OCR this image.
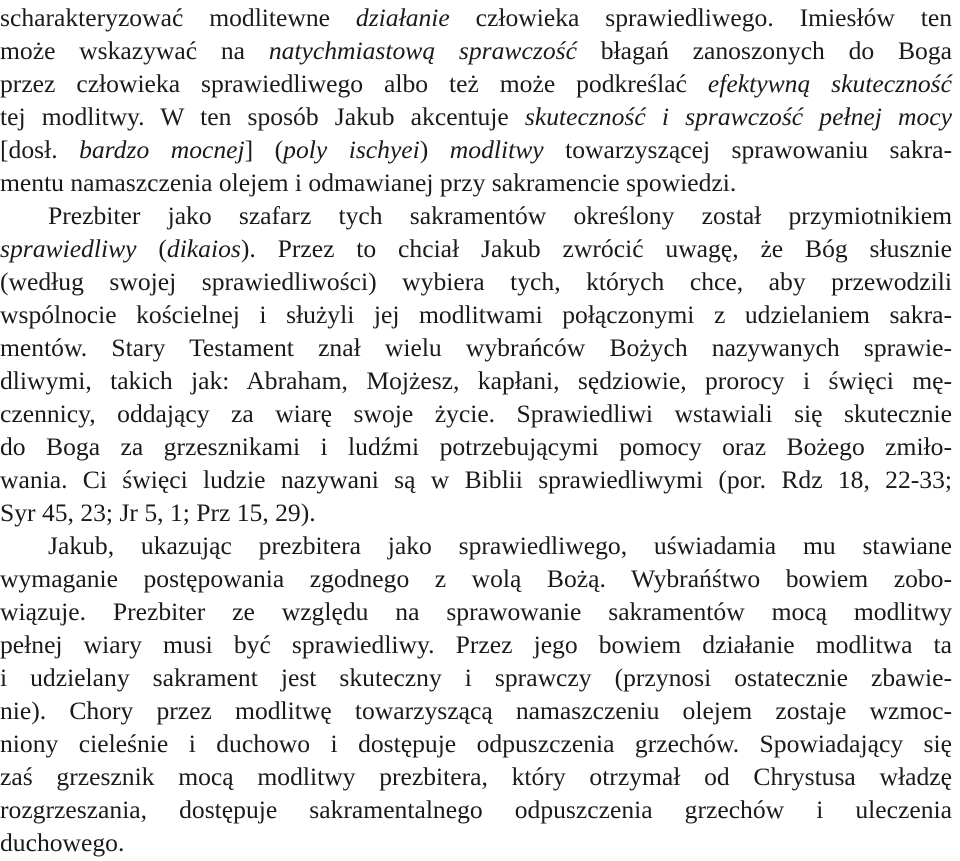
scharakteryzować modlitewne działanie człowieka sprawiedliwego. Imiesłów ten
może wskazywać na natychmiastową sprawczość błagań zanoszonych do Boga
przez człowieka sprawiedliwego albo też może podkreślać efektywną skuteczność
tej modlitwy. W ten sposób Jakub akcentuje skuteczność i sprawczość pełnej mocy
[dosł. bardzo mocnej] (poly ischyei) modlitwy towarzyszącej sprawowaniu sakra-
mentu namaszczenia olejem i odmawianej przy sakramencie spowiedzi.
Prezbiter jako szafarz tych sakramentów określony został przymiotnikiem
sprawiedliwy (dikaios). Przez to chciał Jakub zwrócić uwagę, że Bóg słusznie
(według swojej sprawiedliwości) wybiera tych, których chce, aby przewodzili
wspólnocie kościelnej i służyli jej modlitwami połączonymi z udzielaniem sakra-
mentów. Stary Testament znał wielu wybrańców Bożych nazywanych sprawie-
dliwymi, takich jak: Abraham, Mojżesz, kapłani, sędziowie, prorocy i święci mę-
czennicy, oddający za wiarę swoje życie. Sprawiedliwi wstawiali się skutecznie
do Boga za grzesznikami i ludźmi potrzebującymi pomocy oraz Bożego zmiło-
wania. Ci święci ludzie nazywani są w Biblii sprawiedliwymi (por. Rdz 18, 22-33;
Syr 45, 23; Jr 5, 1; Prz 15, 29).
Jakub, ukazując prezbitera jako sprawiedliwego, uświadamia mu stawiane
wymaganie postępowania zgodnego z wolą Bożą. Wybrańśtwo bowiem zobo-
wiązuje. Prezbiter ze względu na sprawowanie sakramentów mocą modlitwy
pełnej wiary musi być sprawiedliwy. Przez jego bowiem działanie modlitwa ta
i udzielany sakrament jest skuteczny i sprawczy (przynosi ostatecznie zbawie-
nie). Chory przez modlitwę towarzyszącą namaszczeniu olejem zostaje wzmoc-
niony cieleśnie i duchowo i dostępuje odpuszczenia grzechów. Spowiadający się
zaś grzesznik mocą modlitwy prezbitera, który otrzymał od Chrystusa władzę
rozgrzeszania, dostępuje sakramentalnego odpuszczenia grzechów i uleczenia
duchowego.
